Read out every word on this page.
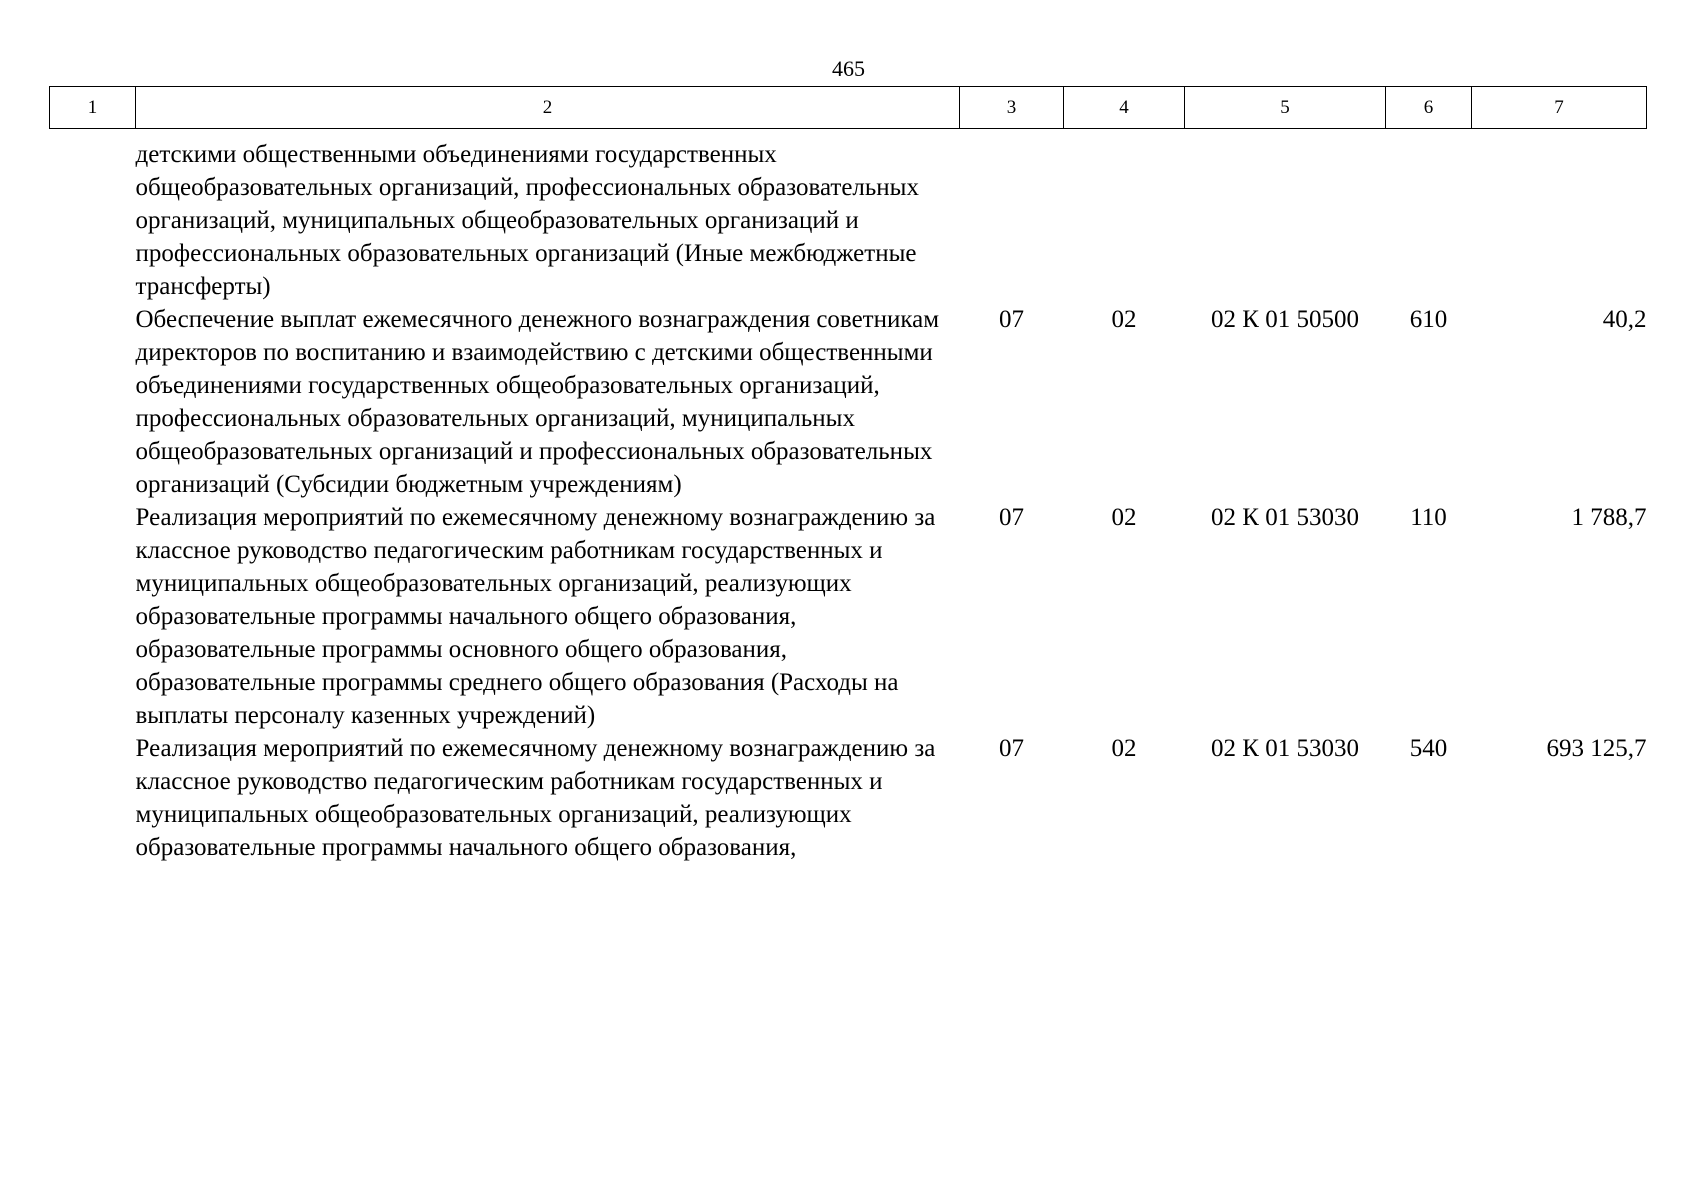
465
1	2	3	4	5	6	7
	детскими общественными объединениями государственных общеобразовательных организаций, профессиональных образовательных организаций, муниципальных общеобразовательных организаций и профессиональных образовательных организаций (Иные межбюджетные трансферты)					
	Обеспечение выплат ежемесячного денежного вознаграждения советникам директоров по воспитанию и взаимодействию с детскими общественными объединениями государственных общеобразовательных организаций, профессиональных образовательных организаций, муниципальных общеобразовательных организаций и профессиональных образовательных организаций (Субсидии бюджетным учреждениям)	07	02	02 К 01 50500	610	40,2
	Реализация мероприятий по ежемесячному денежному вознаграждению за классное руководство педагогическим работникам государственных и муниципальных общеобразовательных организаций, реализующих образовательные программы начального общего образования, образовательные программы основного общего образования, образовательные программы среднего общего образования (Расходы на выплаты персоналу казенных учреждений)	07	02	02 К 01 53030	110	1 788,7
	Реализация мероприятий по ежемесячному денежному вознаграждению за классное руководство педагогическим работникам государственных и муниципальных общеобразовательных организаций, реализующих образовательные программы начального общего образования,	07	02	02 К 01 53030	540	693 125,7
